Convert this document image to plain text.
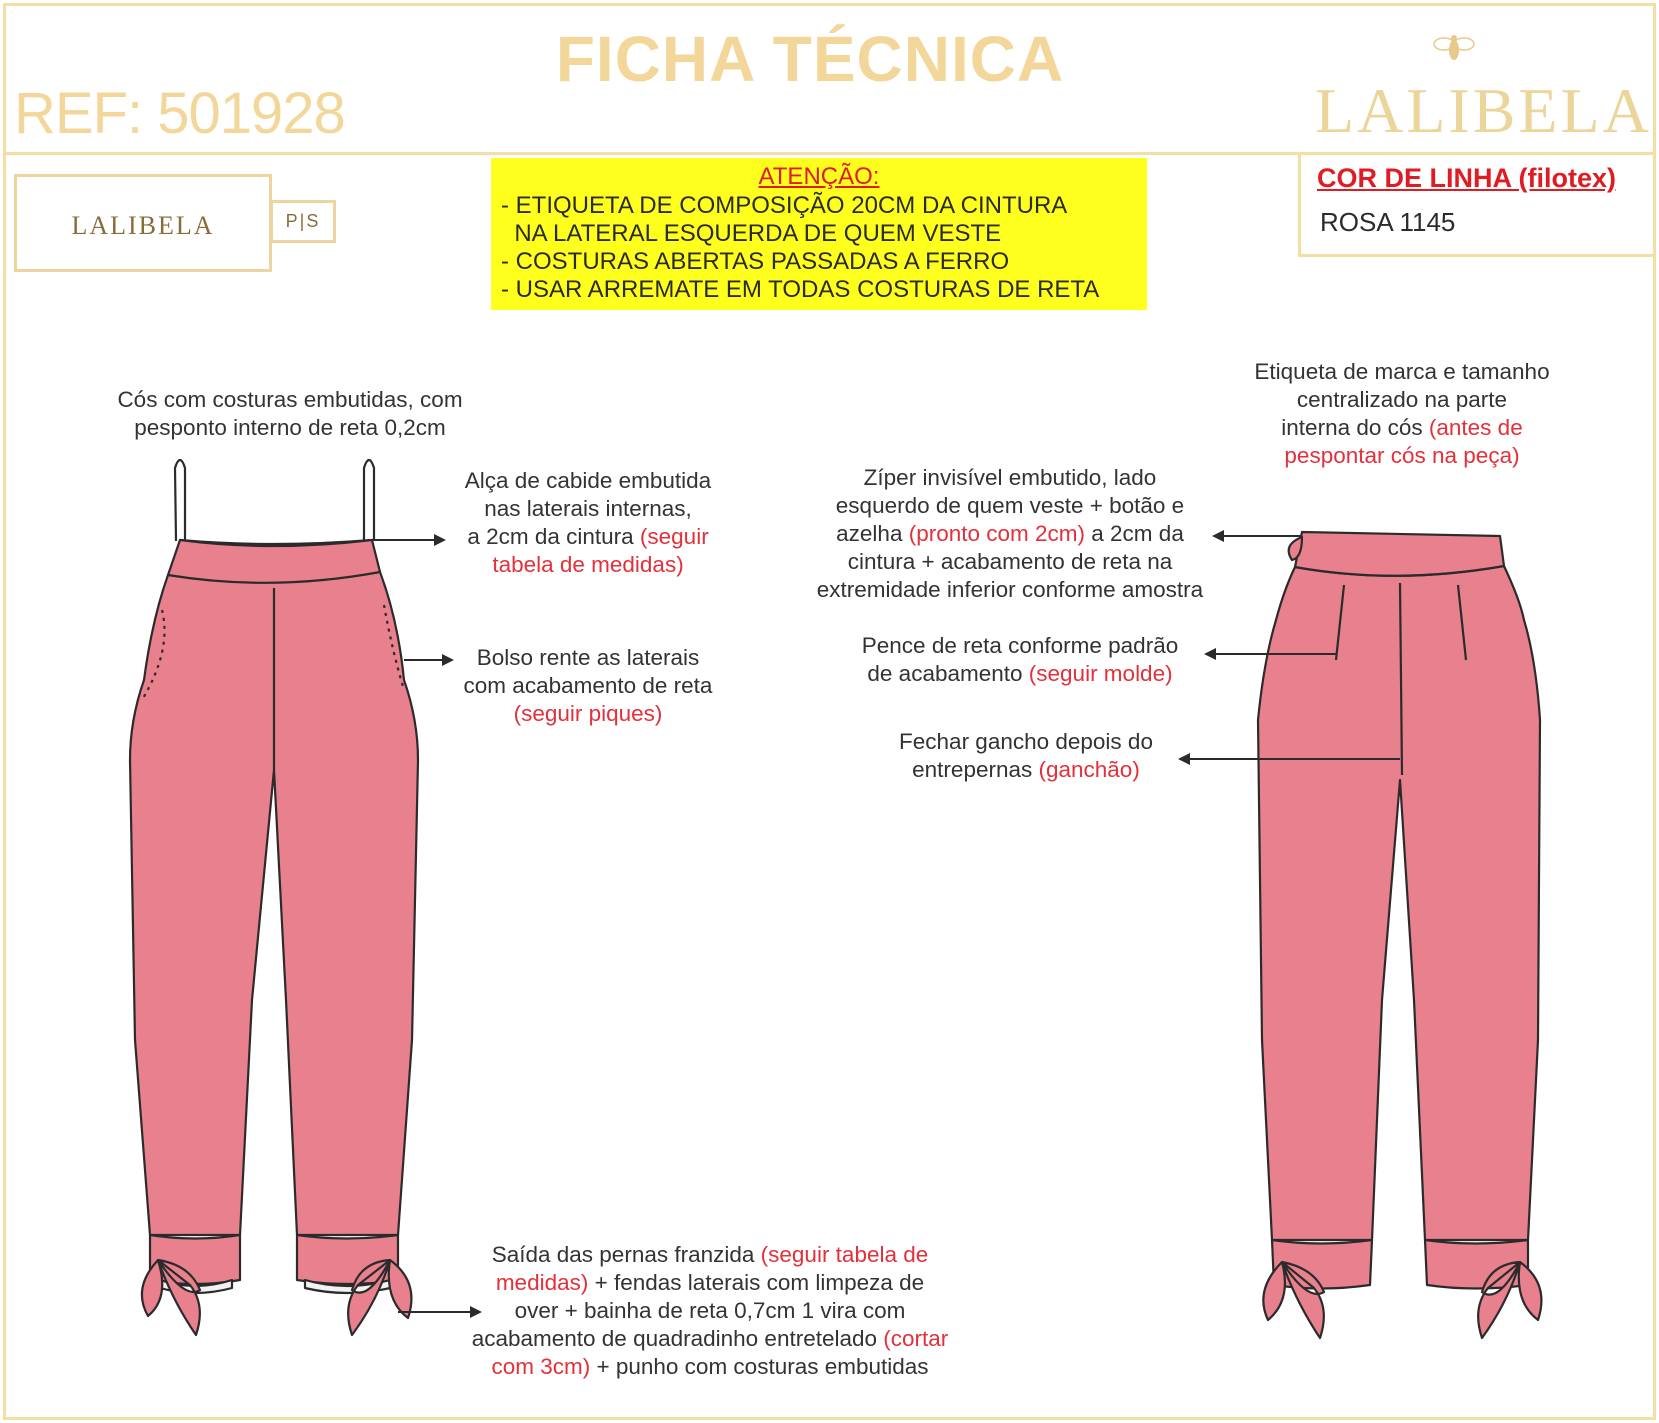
FICHA TÉCNICA
REF: 501928	LALIBELA
LALIBELA	P|S
ATENÇÃO:
- ETIQUETA DE COMPOSIÇÃO 20CM DA CINTURA
NA LATERAL ESQUERDA DE QUEM VESTE
- COSTURAS ABERTAS PASSADAS A FERRO
- USAR ARREMATE EM TODAS COSTURAS DE RETA
COR DE LINHA (filotex)
ROSA 1145
Cós com costuras embutidas, com
pesponto interno de reta 0,2cm
Alça de cabide embutida
nas laterais internas,
a 2cm da cintura (seguir
tabela de medidas)
Bolso rente as laterais
com acabamento de reta
(seguir piques)
Saída das pernas franzida (seguir tabela de
medidas) + fendas laterais com limpeza de
over + bainha de reta 0,7cm 1 vira com
acabamento de quadradinho entretelado (cortar
com 3cm) + punho com costuras embutidas
Etiqueta de marca e tamanho
centralizado na parte
interna do cós (antes de
pespontar cós na peça)
Zíper invisível embutido, lado
esquerdo de quem veste + botão e
azelha (pronto com 2cm) a 2cm da
cintura + acabamento de reta na
extremidade inferior conforme amostra
Pence de reta conforme padrão
de acabamento (seguir molde)
Fechar gancho depois do
entrepernas (ganchão)
